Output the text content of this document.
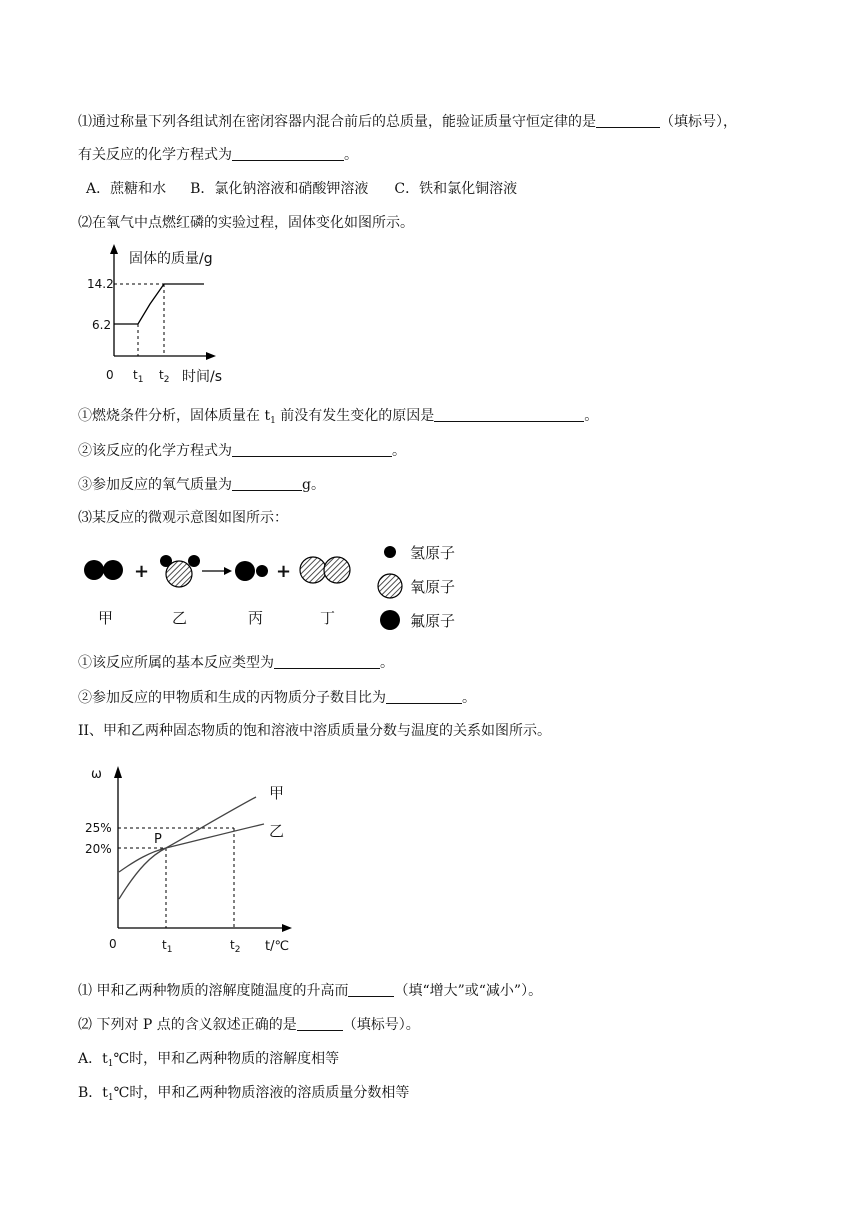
⑴通过称量下列各组试剂在密闭容器内混合前后的总质量，能验证质量守恒定律的是	（填标号），
有关反应的化学方程式为	。
A．蔗糖和水 B．氯化钠溶液和硝酸钾溶液 C．铁和氯化铜溶液
⑵在氧气中点燃红磷的实验过程，固体变化如图所示。
固体的质量/g
14.2
6.2
0 $t_1$ $t_2$ 时间/s
①燃烧条件分析，固体质量在 $t_1$ 前没有发生变化的原因是	。
②该反应的化学方程式为	。
③参加反应的氧气质量为	g。
⑶某反应的微观示意图如图所示：
+	+
甲	乙	丙	丁
氢原子
氧原子
氟原子
①该反应所属的基本反应类型为	。
②参加反应的甲物质和生成的丙物质分子数目比为	。
II、甲和乙两种固态物质的饱和溶液中溶质质量分数与温度的关系如图所示。
ω
25%
20%
甲
乙
P
0	$t_1$	$t_2$ t/℃
⑴ 甲和乙两种物质的溶解度随温度的升高而	（填“增大”或“减小”）。
⑵ 下列对 P 点的含义叙述正确的是	（填标号）。
A．$t_1℃$时，甲和乙两种物质的溶解度相等
B．$t_1℃$时，甲和乙两种物质溶液的溶质质量分数相等
